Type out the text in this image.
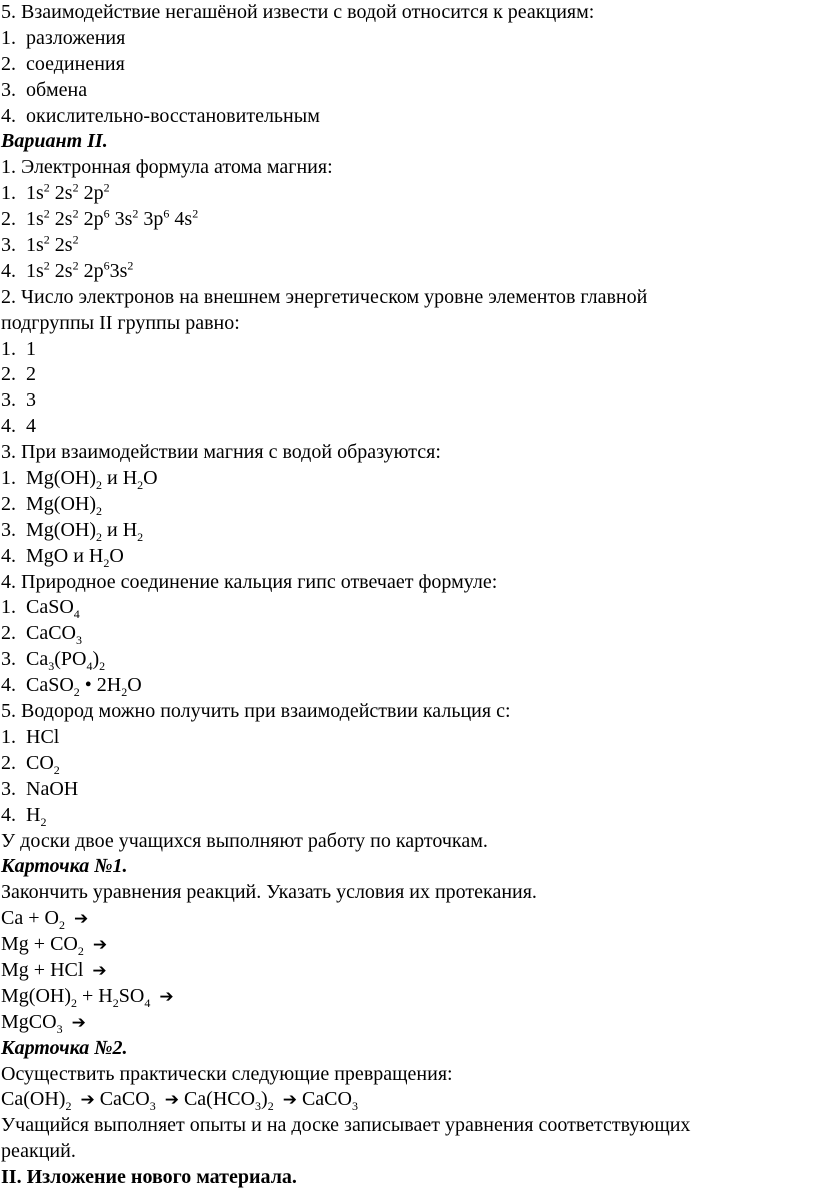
5. Взаимодействие негашёной извести с водой относится к реакциям:
1. разложения
2. соединения
3. обмена
4. окислительно-восстановительным
Вариант II.
1. Электронная формула атома магния:
1. $1s^2$ $2s^2$ $2p^2$
2. $1s^2$ $2s^2$ $2p^6$ $3s^2$ $3p^6$ $4s^2$
3. $1s^2$ $2s^2$
4. $1s^2$ $2s^2$ $2p^63s^2$
2. Число электронов на внешнем энергетическом уровне элементов главной
подгруппы II группы равно:
1. 1
2. 2
3. 3
4. 4
3. При взаимодействии магния с водой образуются:
1. $Mg(OH)_2$ и $H_2O$
2. $Mg(OH)_2$
3. $Mg(OH)_2$ и $H_2$
4. MgO и $H_2O$
4. Природное соединение кальция гипс отвечает формуле:
1. CaSO$_4$
2. CaCO$_3$
3. $Ca_3(PO_4)_2$
4. CaSO$_2$ • $2H_2O$
5. Водород можно получить при взаимодействии кальция с:
1. HCl
2. $CO_2$
3. NaOH
4. $H_2$
У доски двое учащихся выполняют работу по карточкам.
Карточка №1.
Закончить уравнения реакций. Указать условия их протекания.
$Ca + O_2$ ➔
$Mg + CO_2$ ➔
Mg + HCl ➔
$Mg(OH)_2 + H_2SO_4$ ➔
MgCO$_3$ ➔
Карточка №2.
Осуществить практически следующие превращения:
$Ca(OH)_2$ ➔ CaCO$_3$ ➔ $Ca(HCO_3)_2$ ➔ CaCO$_3$
Учащийся выполняет опыты и на доске записывает уравнения соответствующих
реакций.
II. Изложение нового материала.
